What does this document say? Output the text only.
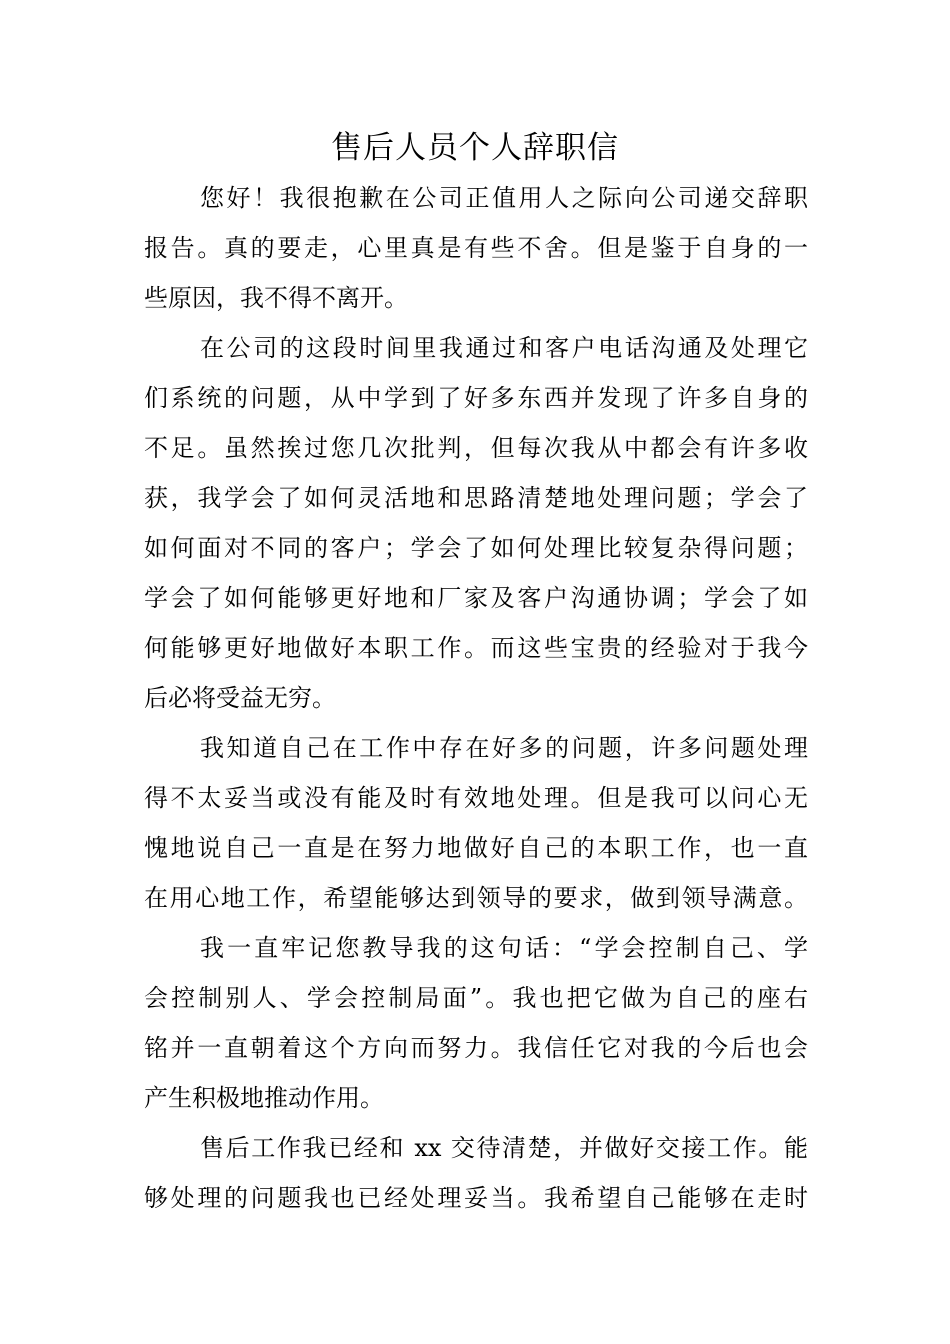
售后人员个人辞职信
您好！我很抱歉在公司正值用人之际向公司递交辞职
报告。真的要走，心里真是有些不舍。但是鉴于自身的一
些原因，我不得不离开。
在公司的这段时间里我通过和客户电话沟通及处理它
们系统的问题，从中学到了好多东西并发现了许多自身的
不足。虽然挨过您几次批判，但每次我从中都会有许多收
获，我学会了如何灵活地和思路清楚地处理问题；学会了
如何面对不同的客户；学会了如何处理比较复杂得问题；
学会了如何能够更好地和厂家及客户沟通协调；学会了如
何能够更好地做好本职工作。而这些宝贵的经验对于我今
后必将受益无穷。
我知道自己在工作中存在好多的问题，许多问题处理
得不太妥当或没有能及时有效地处理。但是我可以问心无
愧地说自己一直是在努力地做好自己的本职工作，也一直
在用心地工作，希望能够达到领导的要求，做到领导满意。
我一直牢记您教导我的这句话：“学会控制自己、学
会控制别人、学会控制局面”。我也把它做为自己的座右
铭并一直朝着这个方向而努力。我信任它对我的今后也会
产生积极地推动作用。
售后工作我已经和 xx 交待清楚，并做好交接工作。能
够处理的问题我也已经处理妥当。我希望自己能够在走时
